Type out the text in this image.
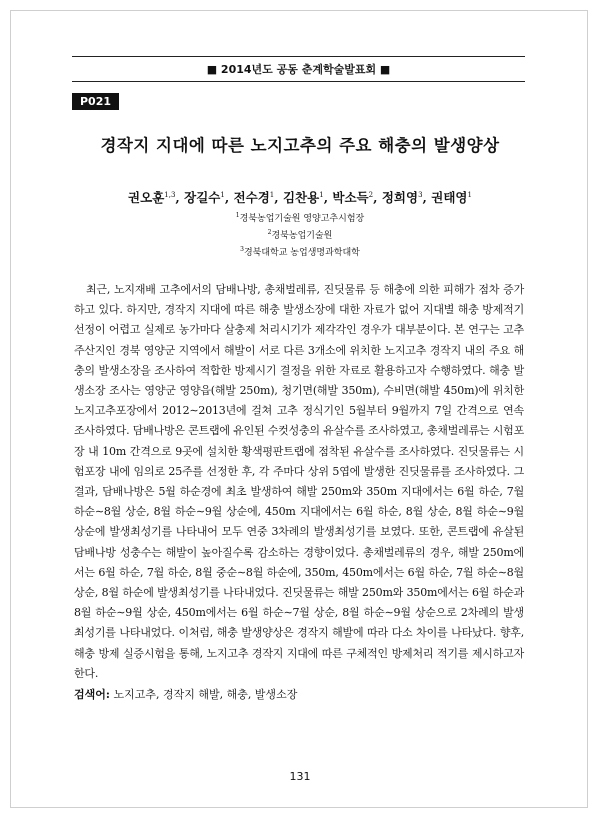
■ 2014년도 공동 춘계학술발표회 ■
P021
경작지 지대에 따른 노지고추의 주요 해충의 발생양상
권오훈$^{1,3}$, 장길수$^1$, 전수경$^1$, 김찬용$^1$, 박소득$^2$, 정희영$^3$, 권태영$^1$
$^1$경북농업기술원 영양고추시험장
$^2$경북농업기술원
$^3$경북대학교 농업생명과학대학
최근, 노지재배 고추에서의 담배나방, 총채벌레류, 진딧물류 등 해충에 의한 피해가 점차 증가하고 있다. 하지만, 경작지 지대에 따른 해충 발생소장에 대한 자료가 없어 지대별 해충 방제적기 선정이 어렵고 실제로 농가마다 살충제 처리시기가 제각각인 경우가 대부분이다. 본 연구는 고추 주산지인 경북 영양군 지역에서 해발이 서로 다른 3개소에 위치한 노지고추 경작지 내의 주요 해충의 발생소장을 조사하여 적합한 방제시기 결정을 위한 자료로 활용하고자 수행하였다. 해충 발생소장 조사는 영양군 영양읍(해발 250m), 청기면(해발 350m), 수비면(해발 450m)에 위치한 노지고추포장에서 2012∼2013년에 걸쳐 고추 정식기인 5월부터 9월까지 7일 간격으로 연속 조사하였다. 담배나방은 콘트랩에 유인된 수컷성충의 유살수를 조사하였고, 총채벌레류는 시험포장 내 10m 간격으로 9곳에 설치한 황색평판트랩에 점착된 유살수를 조사하였다. 진딧물류는 시험포장 내에 임의로 25주를 선정한 후, 각 주마다 상위 5엽에 발생한 진딧물류를 조사하였다. 그 결과, 담배나방은 5월 하순경에 최초 발생하여 해발 250m와 350m 지대에서는 6월 하순, 7월 하순∼8월 상순, 8월 하순∼9월 상순에, 450m 지대에서는 6월 하순, 8월 상순, 8월 하순∼9월 상순에 발생최성기를 나타내어 모두 연중 3차례의 발생최성기를 보였다. 또한, 콘트랩에 유살된 담배나방 성충수는 해발이 높아질수록 감소하는 경향이었다. 총채벌레류의 경우, 해발 250m에서는 6월 하순, 7월 하순, 8월 중순∼8월 하순에, 350m, 450m에서는 6월 하순, 7월 하순∼8월 상순, 8월 하순에 발생최성기를 나타내었다. 진딧물류는 해발 250m와 350m에서는 6월 하순과 8월 하순∼9월 상순, 450m에서는 6월 하순∼7월 상순, 8월 하순∼9월 상순으로 2차례의 발생최성기를 나타내었다. 이처럼, 해충 발생양상은 경작지 해발에 따라 다소 차이를 나타났다. 향후, 해충 방제 실증시험을 통해, 노지고추 경작지 지대에 따른 구체적인 방제처리 적기를 제시하고자 한다.
검색어: 노지고추, 경작지 해발, 해충, 발생소장
131
